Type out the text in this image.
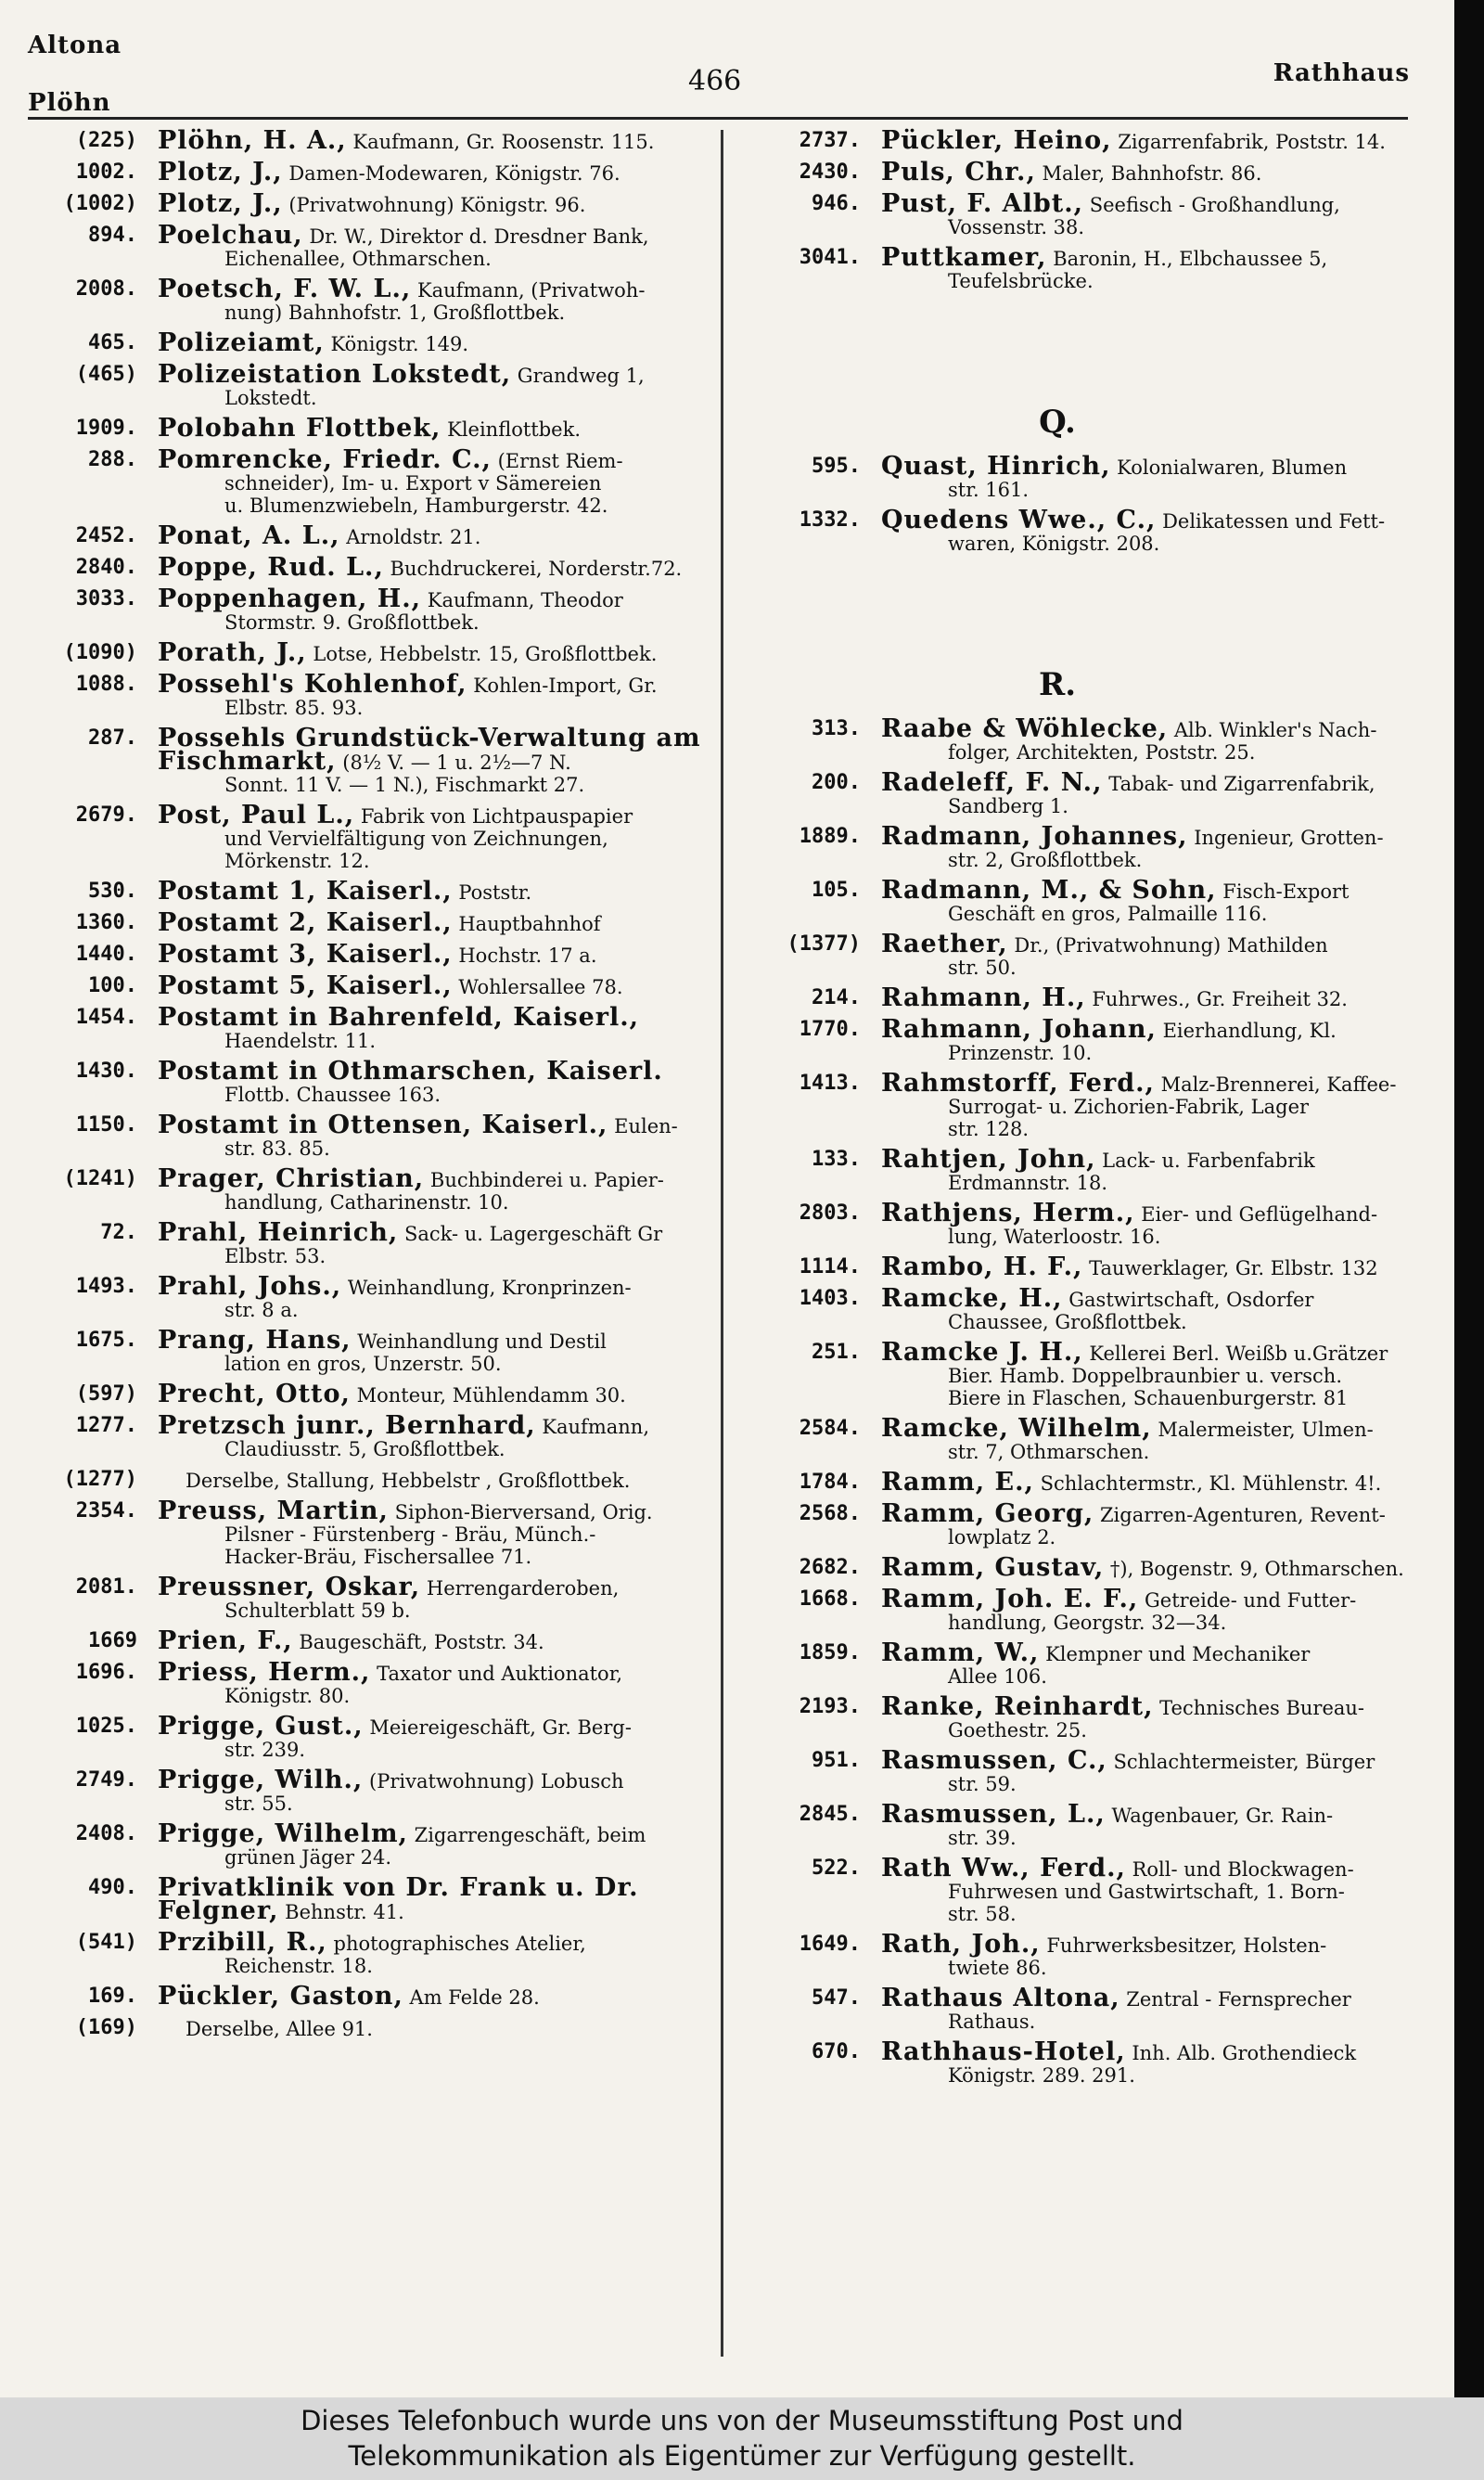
Altona
Plöhn
466	Rathhaus
(225) Plöhn, H. A., Kaufmann, Gr. Roosenstr. 115.
1002. Plotz, J., Damen-Modewaren, Königstr. 76.
(1002) Plotz, J., (Privatwohnung) Königstr. 96.
894. Poelchau, Dr. W., Direktor d. Dresdner Bank,
Eichenallee, Othmarschen.
2008. Poetsch, F. W. L., Kaufmann, (Privatwoh-
nung) Bahnhofstr. 1, Großflottbek.
465. Polizeiamt, Königstr. 149.
(465) Polizeistation Lokstedt, Grandweg 1,
Lokstedt.
1909. Polobahn Flottbek, Kleinflottbek.
288. Pomrencke, Friedr. C., (Ernst Riem-
schneider), Im- u. Export v Sämereien
u. Blumenzwiebeln, Hamburgerstr. 42.
2452. Ponat, A. L., Arnoldstr. 21.
2840. Poppe, Rud. L., Buchdruckerei, Norderstr.72.
3033. Poppenhagen, H., Kaufmann, Theodor
Stormstr. 9. Großflottbek.
(1090) Porath, J., Lotse, Hebbelstr. 15, Großflottbek.
1088. Possehl's Kohlenhof, Kohlen-Import, Gr.
Elbstr. 85. 93.
287. Possehls Grundstück-Verwaltung am Fischmarkt, (8½ V. — 1 u. 2½—7 N.
Sonnt. 11 V. — 1 N.), Fischmarkt 27.
2679. Post, Paul L., Fabrik von Lichtpauspapier
und Vervielfältigung von Zeichnungen,
Mörkenstr. 12.
530. Postamt 1, Kaiserl., Poststr.
1360. Postamt 2, Kaiserl., Hauptbahnhof
1440. Postamt 3, Kaiserl., Hochstr. 17 a.
100. Postamt 5, Kaiserl., Wohlersallee 78.
1454. Postamt in Bahrenfeld, Kaiserl.,
Haendelstr. 11.
1430. Postamt in Othmarschen, Kaiserl.
Flottb. Chaussee 163.
1150. Postamt in Ottensen, Kaiserl., Eulen-
str. 83. 85.
(1241) Prager, Christian, Buchbinderei u. Papier-
handlung, Catharinenstr. 10.
72. Prahl, Heinrich, Sack- u. Lagergeschäft Gr
Elbstr. 53.
1493. Prahl, Johs., Weinhandlung, Kronprinzen-
str. 8 a.
1675. Prang, Hans, Weinhandlung und Destil
lation en gros, Unzerstr. 50.
(597) Precht, Otto, Monteur, Mühlendamm 30.
1277. Pretzsch junr., Bernhard, Kaufmann,
Claudiusstr. 5, Großflottbek.
(1277)	Derselbe, Stallung, Hebbelstr , Großflottbek.
2354. Preuss, Martin, Siphon-Bierversand, Orig.
Pilsner - Fürstenberg - Bräu, Münch.-
Hacker-Bräu, Fischersallee 71.
2081. Preussner, Oskar, Herrengarderoben,
Schulterblatt 59 b.
1669 Prien, F., Baugeschäft, Poststr. 34.
1696. Priess, Herm., Taxator und Auktionator,
Königstr. 80.
1025. Prigge, Gust., Meiereigeschäft, Gr. Berg-
str. 239.
2749. Prigge, Wilh., (Privatwohnung) Lobusch
str. 55.
2408. Prigge, Wilhelm, Zigarrengeschäft, beim
grünen Jäger 24.
490. Privatklinik von Dr. Frank u. Dr. Felgner, Behnstr. 41.
(541) Przibill, R., photographisches Atelier,
Reichenstr. 18.
169. Pückler, Gaston, Am Felde 28.
(169)	Derselbe, Allee 91.
2737. Pückler, Heino, Zigarrenfabrik, Poststr. 14.
2430. Puls, Chr., Maler, Bahnhofstr. 86.
946. Pust, F. Albt., Seefisch - Großhandlung,
Vossenstr. 38.
3041. Puttkamer, Baronin, H., Elbchaussee 5,
Teufelsbrücke.
Q.
595. Quast, Hinrich, Kolonialwaren, Blumen
str. 161.
1332. Quedens Wwe., C., Delikatessen und Fett-
waren, Königstr. 208.
R.
313. Raabe & Wöhlecke, Alb. Winkler's Nach-
folger, Architekten, Poststr. 25.
200. Radeleff, F. N., Tabak- und Zigarrenfabrik,
Sandberg 1.
1889. Radmann, Johannes, Ingenieur, Grotten-
str. 2, Großflottbek.
105. Radmann, M., & Sohn, Fisch-Export
Geschäft en gros, Palmaille 116.
(1377) Raether, Dr., (Privatwohnung) Mathilden
str. 50.
214. Rahmann, H., Fuhrwes., Gr. Freiheit 32.
1770. Rahmann, Johann, Eierhandlung, Kl.
Prinzenstr. 10.
1413. Rahmstorff, Ferd., Malz-Brennerei, Kaffee-
Surrogat- u. Zichorien-Fabrik, Lager
str. 128.
133. Rahtjen, John, Lack- u. Farbenfabrik
Erdmannstr. 18.
2803. Rathjens, Herm., Eier- und Geflügelhand-
lung, Waterloostr. 16.
1114. Rambo, H. F., Tauwerklager, Gr. Elbstr. 132
1403. Ramcke, H., Gastwirtschaft, Osdorfer
Chaussee, Großflottbek.
251. Ramcke J. H., Kellerei Berl. Weißb u.Grätzer
Bier. Hamb. Doppelbraunbier u. versch.
Biere in Flaschen, Schauenburgerstr. 81
2584. Ramcke, Wilhelm, Malermeister, Ulmen-
str. 7, Othmarschen.
1784. Ramm, E., Schlachtermstr., Kl. Mühlenstr. 4!.
2568. Ramm, Georg, Zigarren-Agenturen, Revent-
lowplatz 2.
2682. Ramm, Gustav, †), Bogenstr. 9, Othmarschen.
1668. Ramm, Joh. E. F., Getreide- und Futter-
handlung, Georgstr. 32—34.
1859. Ramm, W., Klempner und Mechaniker
Allee 106.
2193. Ranke, Reinhardt, Technisches Bureau-
Goethestr. 25.
951. Rasmussen, C., Schlachtermeister, Bürger
str. 59.
2845. Rasmussen, L., Wagenbauer, Gr. Rain-
str. 39.
522. Rath Ww., Ferd., Roll- und Blockwagen-
Fuhrwesen und Gastwirtschaft, 1. Born-
str. 58.
1649. Rath, Joh., Fuhrwerksbesitzer, Holsten-
twiete 86.
547. Rathaus Altona, Zentral - Fernsprecher
Rathaus.
670. Rathhaus-Hotel, Inh. Alb. Grothendieck
Königstr. 289. 291.
Dieses Telefonbuch wurde uns von der Museumsstiftung Post und
Telekommunikation als Eigentümer zur Verfügung gestellt.
